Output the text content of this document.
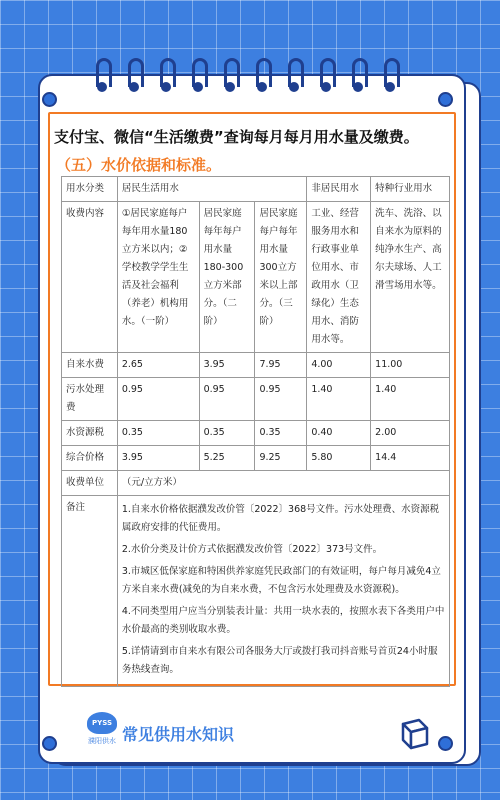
支付宝、微信“生活缴费”查询每月每月用水量及缴费。
（五）水价依据和标准。
用水分类	居民生活用水			非居民用水	特种行业用水
收费内容	①居民家庭每户每年用水量180立方米以内；②学校教学学生生活及社会福利（养老）机构用水。（一阶）	居民家庭每年每户用水量180-300立方米部分。（二阶）	居民家庭每户每年用水量300立方米以上部分。（三阶）	工业、经营服务用水和行政事业单位用水、市政用水（卫绿化）生态用水、消防用水等。	洗车、洗浴、以自来水为原料的纯净水生产、高尔夫球场、人工滑雪场用水等。
自来水费	2.65	3.95	7.95	4.00	11.00
污水处理费	0.95	0.95	0.95	1.40	1.40
水资源税	0.35	0.35	0.35	0.40	2.00
综合价格	3.95	5.25	9.25	5.80	14.4
收费单位	（元/立方米）				
备注	1.自来水价格依据濮发改价管〔2022〕368号文件。污水处理费、水资源税属政府安排的代征费用。
2.水价分类及计价方式依据濮发改价管〔2022〕373号文件。
3.市城区低保家庭和特困供养家庭凭民政部门的有效证明，每户每月减免4立方米自来水费(减免的为自来水费，不包含污水处理费及水资源税)。
4.不同类型用户应当分别装表计量：共用一块水表的，按照水表下各类用户中水价最高的类别收取水费。
5.详情请到市自来水有限公司各服务大厅或拨打我司抖音账号首页24小时服务热线查询。				
PYSS
濮阳供水 常见供用水知识
